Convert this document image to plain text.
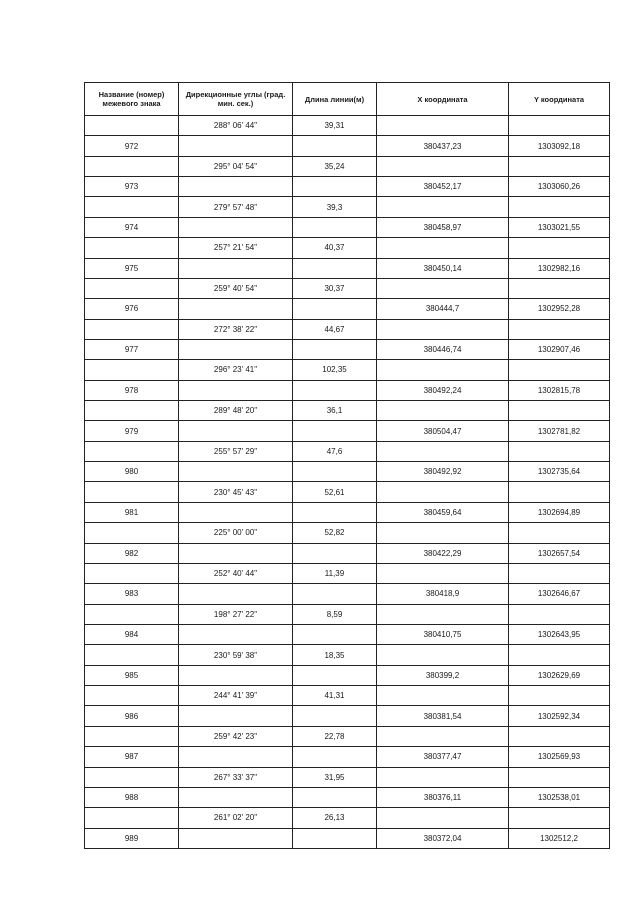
Название (номер) межевого знака	Дирекционные углы (град. мин. сек.)	Длина линии(м)	X координата	Y координата
	288° 06' 44"	39,31		
972			380437,23	1303092,18
	295° 04' 54"	35,24		
973			380452,17	1303060,26
	279° 57' 48"	39,3		
974			380458,97	1303021,55
	257° 21' 54"	40,37		
975			380450,14	1302982,16
	259° 40' 54"	30,37		
976			380444,7	1302952,28
	272° 38' 22"	44,67		
977			380446,74	1302907,46
	296° 23' 41"	102,35		
978			380492,24	1302815,78
	289° 48' 20"	36,1		
979			380504,47	1302781,82
	255° 57' 29"	47,6		
980			380492,92	1302735,64
	230° 45' 43"	52,61		
981			380459,64	1302694,89
	225° 00' 00"	52,82		
982			380422,29	1302657,54
	252° 40' 44"	11,39		
983			380418,9	1302646,67
	198° 27' 22"	8,59		
984			380410,75	1302643,95
	230° 59' 38"	18,35		
985			380399,2	1302629,69
	244° 41' 39"	41,31		
986			380381,54	1302592,34
	259° 42' 23"	22,78		
987			380377,47	1302569,93
	267° 33' 37"	31,95		
988			380376,11	1302538,01
	261° 02' 20"	26,13		
989			380372,04	1302512,2
